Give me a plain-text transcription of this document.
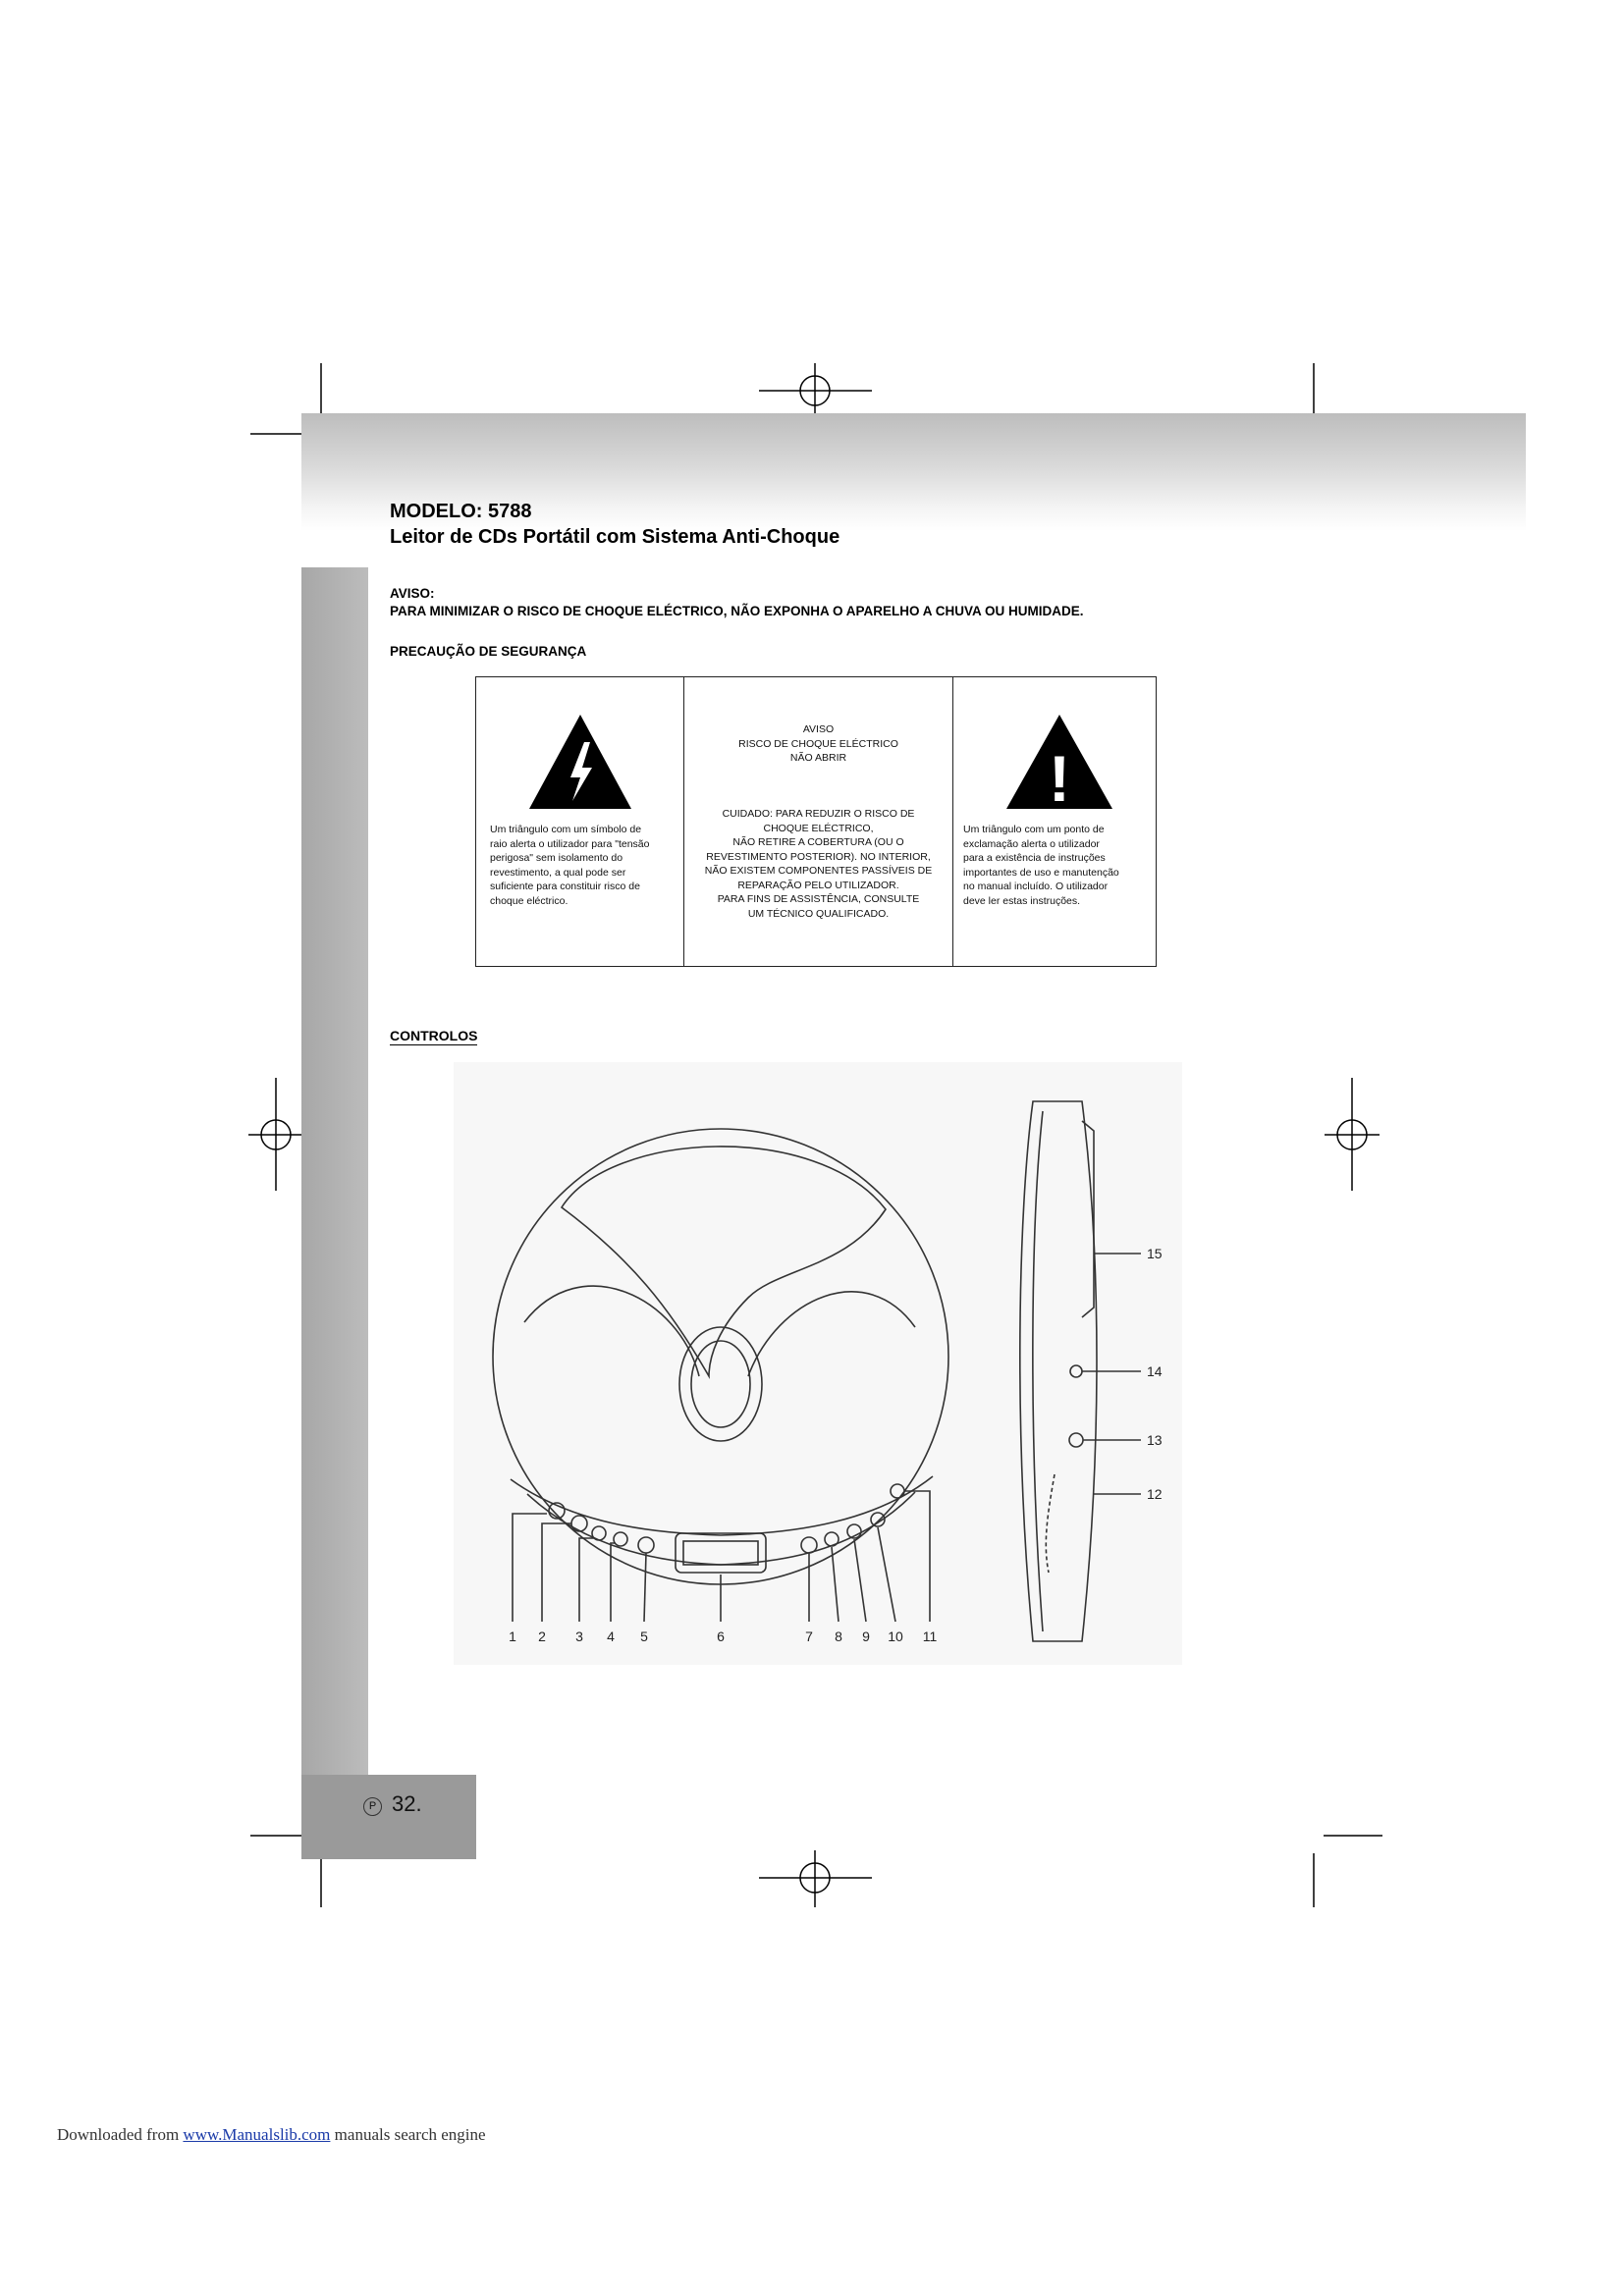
P 32.
MODELO: 5788
Leitor de CDs Portátil com Sistema Anti-Choque
AVISO:
PARA MINIMIZAR O RISCO DE CHOQUE ELÉCTRICO, NÃO EXPONHA O APARELHO A CHUVA OU HUMIDADE.
PRECAUÇÃO DE SEGURANÇA
Um triângulo com um símbolo de
raio alerta o utilizador para "tensão
perigosa" sem isolamento do
revestimento, a qual pode ser
suficiente para constituir risco de
choque eléctrico.
AVISO
RISCO DE CHOQUE ELÉCTRICO
NÃO ABRIR
CUIDADO: PARA REDUZIR O RISCO DE
CHOQUE ELÉCTRICO,
NÃO RETIRE A COBERTURA (OU O
REVESTIMENTO POSTERIOR). NO INTERIOR,
NÃO EXISTEM COMPONENTES PASSÍVEIS DE
REPARAÇÃO PELO UTILIZADOR.
PARA FINS DE ASSISTÊNCIA, CONSULTE
UM TÉCNICO QUALIFICADO.
!
Um triângulo com um ponto de
exclamação alerta o utilizador
para a existência de instruções
importantes de uso e manutenção
no manual incluído. O utilizador
deve ler estas instruções.
CONTROLOS
1 2 3 4 5	6	7 8 9 10 11
15
14
13
12
Downloaded from www.Manualslib.com manuals search engine
